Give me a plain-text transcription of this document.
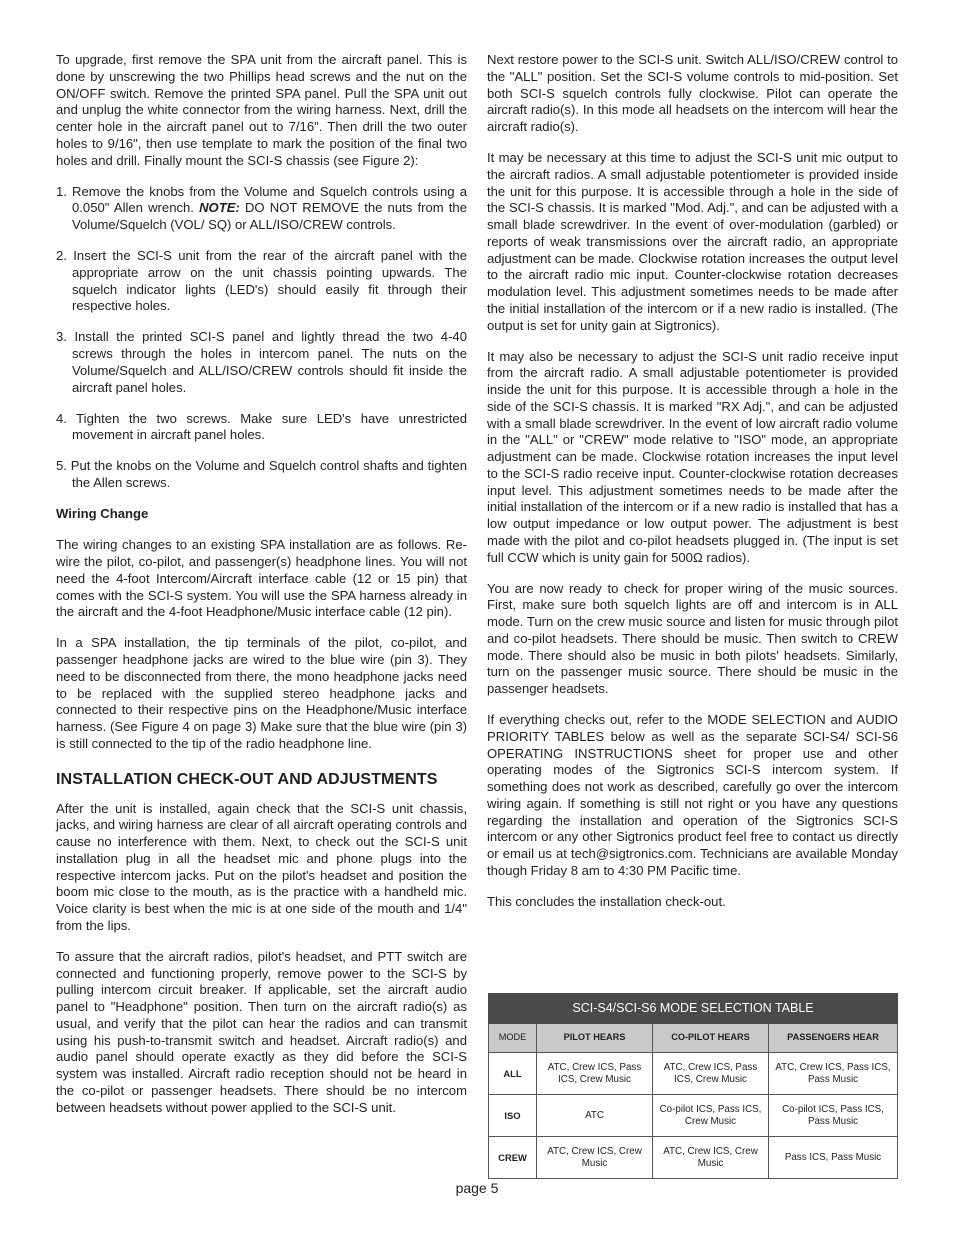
To upgrade, first remove the SPA unit from the aircraft panel. This is done by unscrewing the two Phillips head screws and the nut on the ON/OFF switch. Remove the printed SPA panel. Pull the SPA unit out and unplug the white connector from the wiring harness. Next, drill the center hole in the aircraft panel out to 7/16". Then drill the two outer holes to 9/16", then use template to mark the position of the final two holes and drill. Finally mount the SCI-S chassis (see Figure 2):

1. Remove the knobs from the Volume and Squelch controls using a 0.050" Allen wrench. NOTE: DO NOT REMOVE the nuts from the Volume/Squelch (VOL/ SQ) or ALL/ISO/CREW controls.
2. Insert the SCI-S unit from the rear of the aircraft panel with the appropriate arrow on the unit chassis pointing upwards. The squelch indicator lights (LED's) should easily fit through their respective holes.
3. Install the printed SCI-S panel and lightly thread the two 4-40 screws through the holes in intercom panel. The nuts on the Volume/Squelch and ALL/ISO/CREW controls should fit inside the aircraft panel holes.
4. Tighten the two screws. Make sure LED's have unrestricted movement in aircraft panel holes.
5. Put the knobs on the Volume and Squelch control shafts and tighten the Allen screws.
Wiring Change

The wiring changes to an existing SPA installation are as follows. Re-wire the pilot, co-pilot, and passenger(s) headphone lines. You will not need the 4-foot Intercom/Aircraft interface cable (12 or 15 pin) that comes with the SCI-S system. You will use the SPA harness already in the aircraft and the 4-foot Headphone/Music interface cable (12 pin).

In a SPA installation, the tip terminals of the pilot, co-pilot, and passenger headphone jacks are wired to the blue wire (pin 3). They need to be disconnected from there, the mono headphone jacks need to be replaced with the supplied stereo headphone jacks and connected to their respective pins on the Headphone/Music interface harness. (See Figure 4 on page 3) Make sure that the blue wire (pin 3) is still connected to the tip of the radio headphone line.

INSTALLATION CHECK-OUT AND ADJUSTMENTS

After the unit is installed, again check that the SCI-S unit chassis, jacks, and wiring harness are clear of all aircraft operating controls and cause no interference with them. Next, to check out the SCI-S unit installation plug in all the headset mic and phone plugs into the respective intercom jacks. Put on the pilot's headset and position the boom mic close to the mouth, as is the practice with a handheld mic. Voice clarity is best when the mic is at one side of the mouth and 1/4" from the lips.

To assure that the aircraft radios, pilot's headset, and PTT switch are connected and functioning properly, remove power to the SCI-S by pulling intercom circuit breaker. If applicable, set the aircraft audio panel to "Headphone" position. Then turn on the aircraft radio(s) as usual, and verify that the pilot can hear the radios and can transmit using his push-to-transmit switch and headset. Aircraft radio(s) and audio panel should operate exactly as they did before the SCI-S system was installed. Aircraft radio reception should not be heard in the co-pilot or passenger headsets. There should be no intercom between headsets without power applied to the SCI-S unit.

Next restore power to the SCI-S unit. Switch ALL/ISO/CREW control to the "ALL" position. Set the SCI-S volume controls to mid-position. Set both SCI-S squelch controls fully clockwise. Pilot can operate the aircraft radio(s). In this mode all headsets on the intercom will hear the aircraft radio(s).

It may be necessary at this time to adjust the SCI-S unit mic output to the aircraft radios. A small adjustable potentiometer is provided inside the unit for this purpose. It is accessible through a hole in the side of the SCI-S chassis. It is marked "Mod. Adj.", and can be adjusted with a small blade screwdriver. In the event of over-modulation (garbled) or reports of weak transmissions over the aircraft radio, an appropriate adjustment can be made. Clockwise rotation increases the output level to the aircraft radio mic input. Counter-clockwise rotation decreases modulation level. This adjustment sometimes needs to be made after the initial installation of the intercom or if a new radio is installed. (The output is set for unity gain at Sigtronics).

It may also be necessary to adjust the SCI-S unit radio receive input from the aircraft radio. A small adjustable potentiometer is provided inside the unit for this purpose. It is accessible through a hole in the side of the SCI-S chassis. It is marked "RX Adj.", and can be adjusted with a small blade screwdriver. In the event of low aircraft radio volume in the "ALL" or "CREW" mode relative to "ISO" mode, an appropriate adjustment can be made. Clockwise rotation increases the input level to the SCI-S radio receive input. Counter-clockwise rotation decreases input level. This adjustment sometimes needs to be made after the initial installation of the intercom or if a new radio is installed that has a low output impedance or low output power. The adjustment is best made with the pilot and co-pilot headsets plugged in. (The input is set full CCW which is unity gain for 500Ω radios).

You are now ready to check for proper wiring of the music sources. First, make sure both squelch lights are off and intercom is in ALL mode. Turn on the crew music source and listen for music through pilot and co-pilot headsets. There should be music. Then switch to CREW mode. There should also be music in both pilots' headsets. Similarly, turn on the passenger music source. There should be music in the passenger headsets.

If everything checks out, refer to the MODE SELECTION and AUDIO PRIORITY TABLES below as well as the separate SCI-S4/ SCI-S6 OPERATING INSTRUCTIONS sheet for proper use and other operating modes of the Sigtronics SCI-S intercom system. If something does not work as described, carefully go over the intercom wiring again. If something is still not right or you have any questions regarding the installation and operation of the Sigtronics SCI-S intercom or any other Sigtronics product feel free to contact us directly or email us at tech@sigtronics.com. Technicians are available Monday though Friday 8 am to 4:30 PM Pacific time.

This concludes the installation check-out.

SCI-S4/SCI-S6 MODE SELECTION TABLE			
MODE	PILOT HEARS	CO-PILOT HEARS	PASSENGERS HEAR
ALL	ATC, Crew ICS, Pass ICS, Crew Music	ATC, Crew ICS, Pass ICS, Crew Music	ATC, Crew ICS, Pass ICS, Pass Music
ISO	ATC	Co-pilot ICS, Pass ICS, Crew Music	Co-pilot ICS, Pass ICS, Pass Music
CREW	ATC, Crew ICS, Crew Music	ATC, Crew ICS, Crew Music	Pass ICS, Pass Music
page 5
